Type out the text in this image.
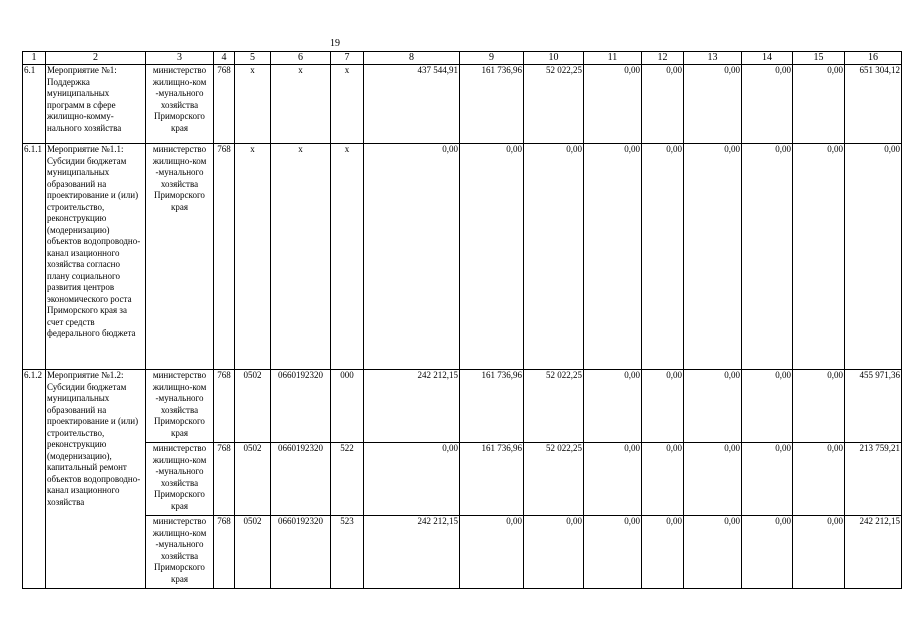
19
1	2	3	4	5	6	7	8	9	10	11	12	13	14	15	16
6.1	Мероприятие №1: Поддержка муниципальных программ в сфере жилищно-комму-нального хозяйства	министерство жилищно-ком -мунального хозяйства Приморского края	768	х	х	х	437 544,91	161 736,96	52 022,25	0,00	0,00	0,00	0,00	0,00	651 304,12
6.1.1	Мероприятие №1.1: Субсидии бюджетам муниципальных образований на проектирование и (или) строительство, реконструкцию (модернизацию) объектов водопроводно-канал изационного хозяйства согласно плану социального развития центров экономического роста Приморского края за счет средств федерального бюджета	министерство жилищно-ком -мунального хозяйства Приморского края	768	х	х	х	0,00	0,00	0,00	0,00	0,00	0,00	0,00	0,00	0,00
6.1.2	Мероприятие №1.2: Субсидии бюджетам муниципальных образований на проектирование и (или) строительство, реконструкцию (модернизацию), капитальный ремонт объектов водопроводно-канал изационного хозяйства	министерство жилищно-ком -мунального хозяйства Приморского края	768	0502	0660192320	000	242 212,15	161 736,96	52 022,25	0,00	0,00	0,00	0,00	0,00	455 971,36
		министерство жилищно-ком -мунального хозяйства Приморского края	768	0502	0660192320	522	0,00	161 736,96	52 022,25	0,00	0,00	0,00	0,00	0,00	213 759,21
		министерство жилищно-ком -мунального хозяйства Приморского края	768	0502	0660192320	523	242 212,15	0,00	0,00	0,00	0,00	0,00	0,00	0,00	242 212,15
